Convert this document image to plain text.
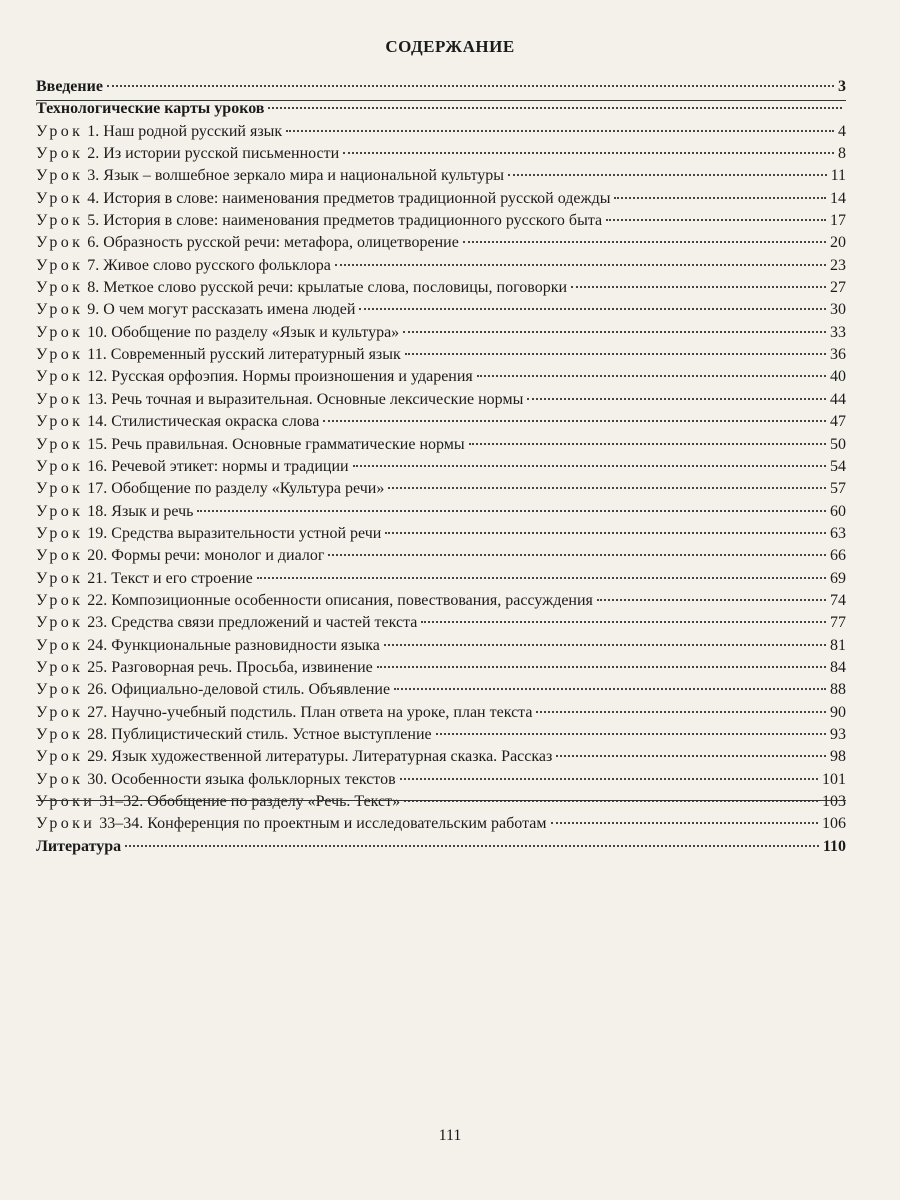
СОДЕРЖАНИЕ
Введение	3
Технологические карты уроков
Урок 1. Наш родной русский язык	4
Урок 2. Из истории русской письменности	8
Урок 3. Язык – волшебное зеркало мира и национальной культуры	11
Урок 4. История в слове: наименования предметов традиционной русской одежды	14
Урок 5. История в слове: наименования предметов традиционного русского быта	17
Урок 6. Образность русской речи: метафора, олицетворение	20
Урок 7. Живое слово русского фольклора	23
Урок 8. Меткое слово русской речи: крылатые слова, пословицы, поговорки	27
Урок 9. О чем могут рассказать имена людей	30
Урок 10. Обобщение по разделу «Язык и культура»	33
Урок 11. Современный русский литературный язык	36
Урок 12. Русская орфоэпия. Нормы произношения и ударения	40
Урок 13. Речь точная и выразительная. Основные лексические нормы	44
Урок 14. Стилистическая окраска слова	47
Урок 15. Речь правильная. Основные грамматические нормы	50
Урок 16. Речевой этикет: нормы и традиции	54
Урок 17. Обобщение по разделу «Культура речи»	57
Урок 18. Язык и речь	60
Урок 19. Средства выразительности устной речи	63
Урок 20. Формы речи: монолог и диалог	66
Урок 21. Текст и его строение	69
Урок 22. Композиционные особенности описания, повествования, рассуждения	74
Урок 23. Средства связи предложений и частей текста	77
Урок 24. Функциональные разновидности языка	81
Урок 25. Разговорная речь. Просьба, извинение	84
Урок 26. Официально-деловой стиль. Объявление	88
Урок 27. Научно-учебный подстиль. План ответа на уроке, план текста	90
Урок 28. Публицистический стиль. Устное выступление	93
Урок 29. Язык художественной литературы. Литературная сказка. Рассказ	98
Урок 30. Особенности языка фольклорных текстов	101
Уроки 31–32. Обобщение по разделу «Речь. Текст»	103
Уроки 33–34. Конференция по проектным и исследовательским работам	106
Литература	110
111
